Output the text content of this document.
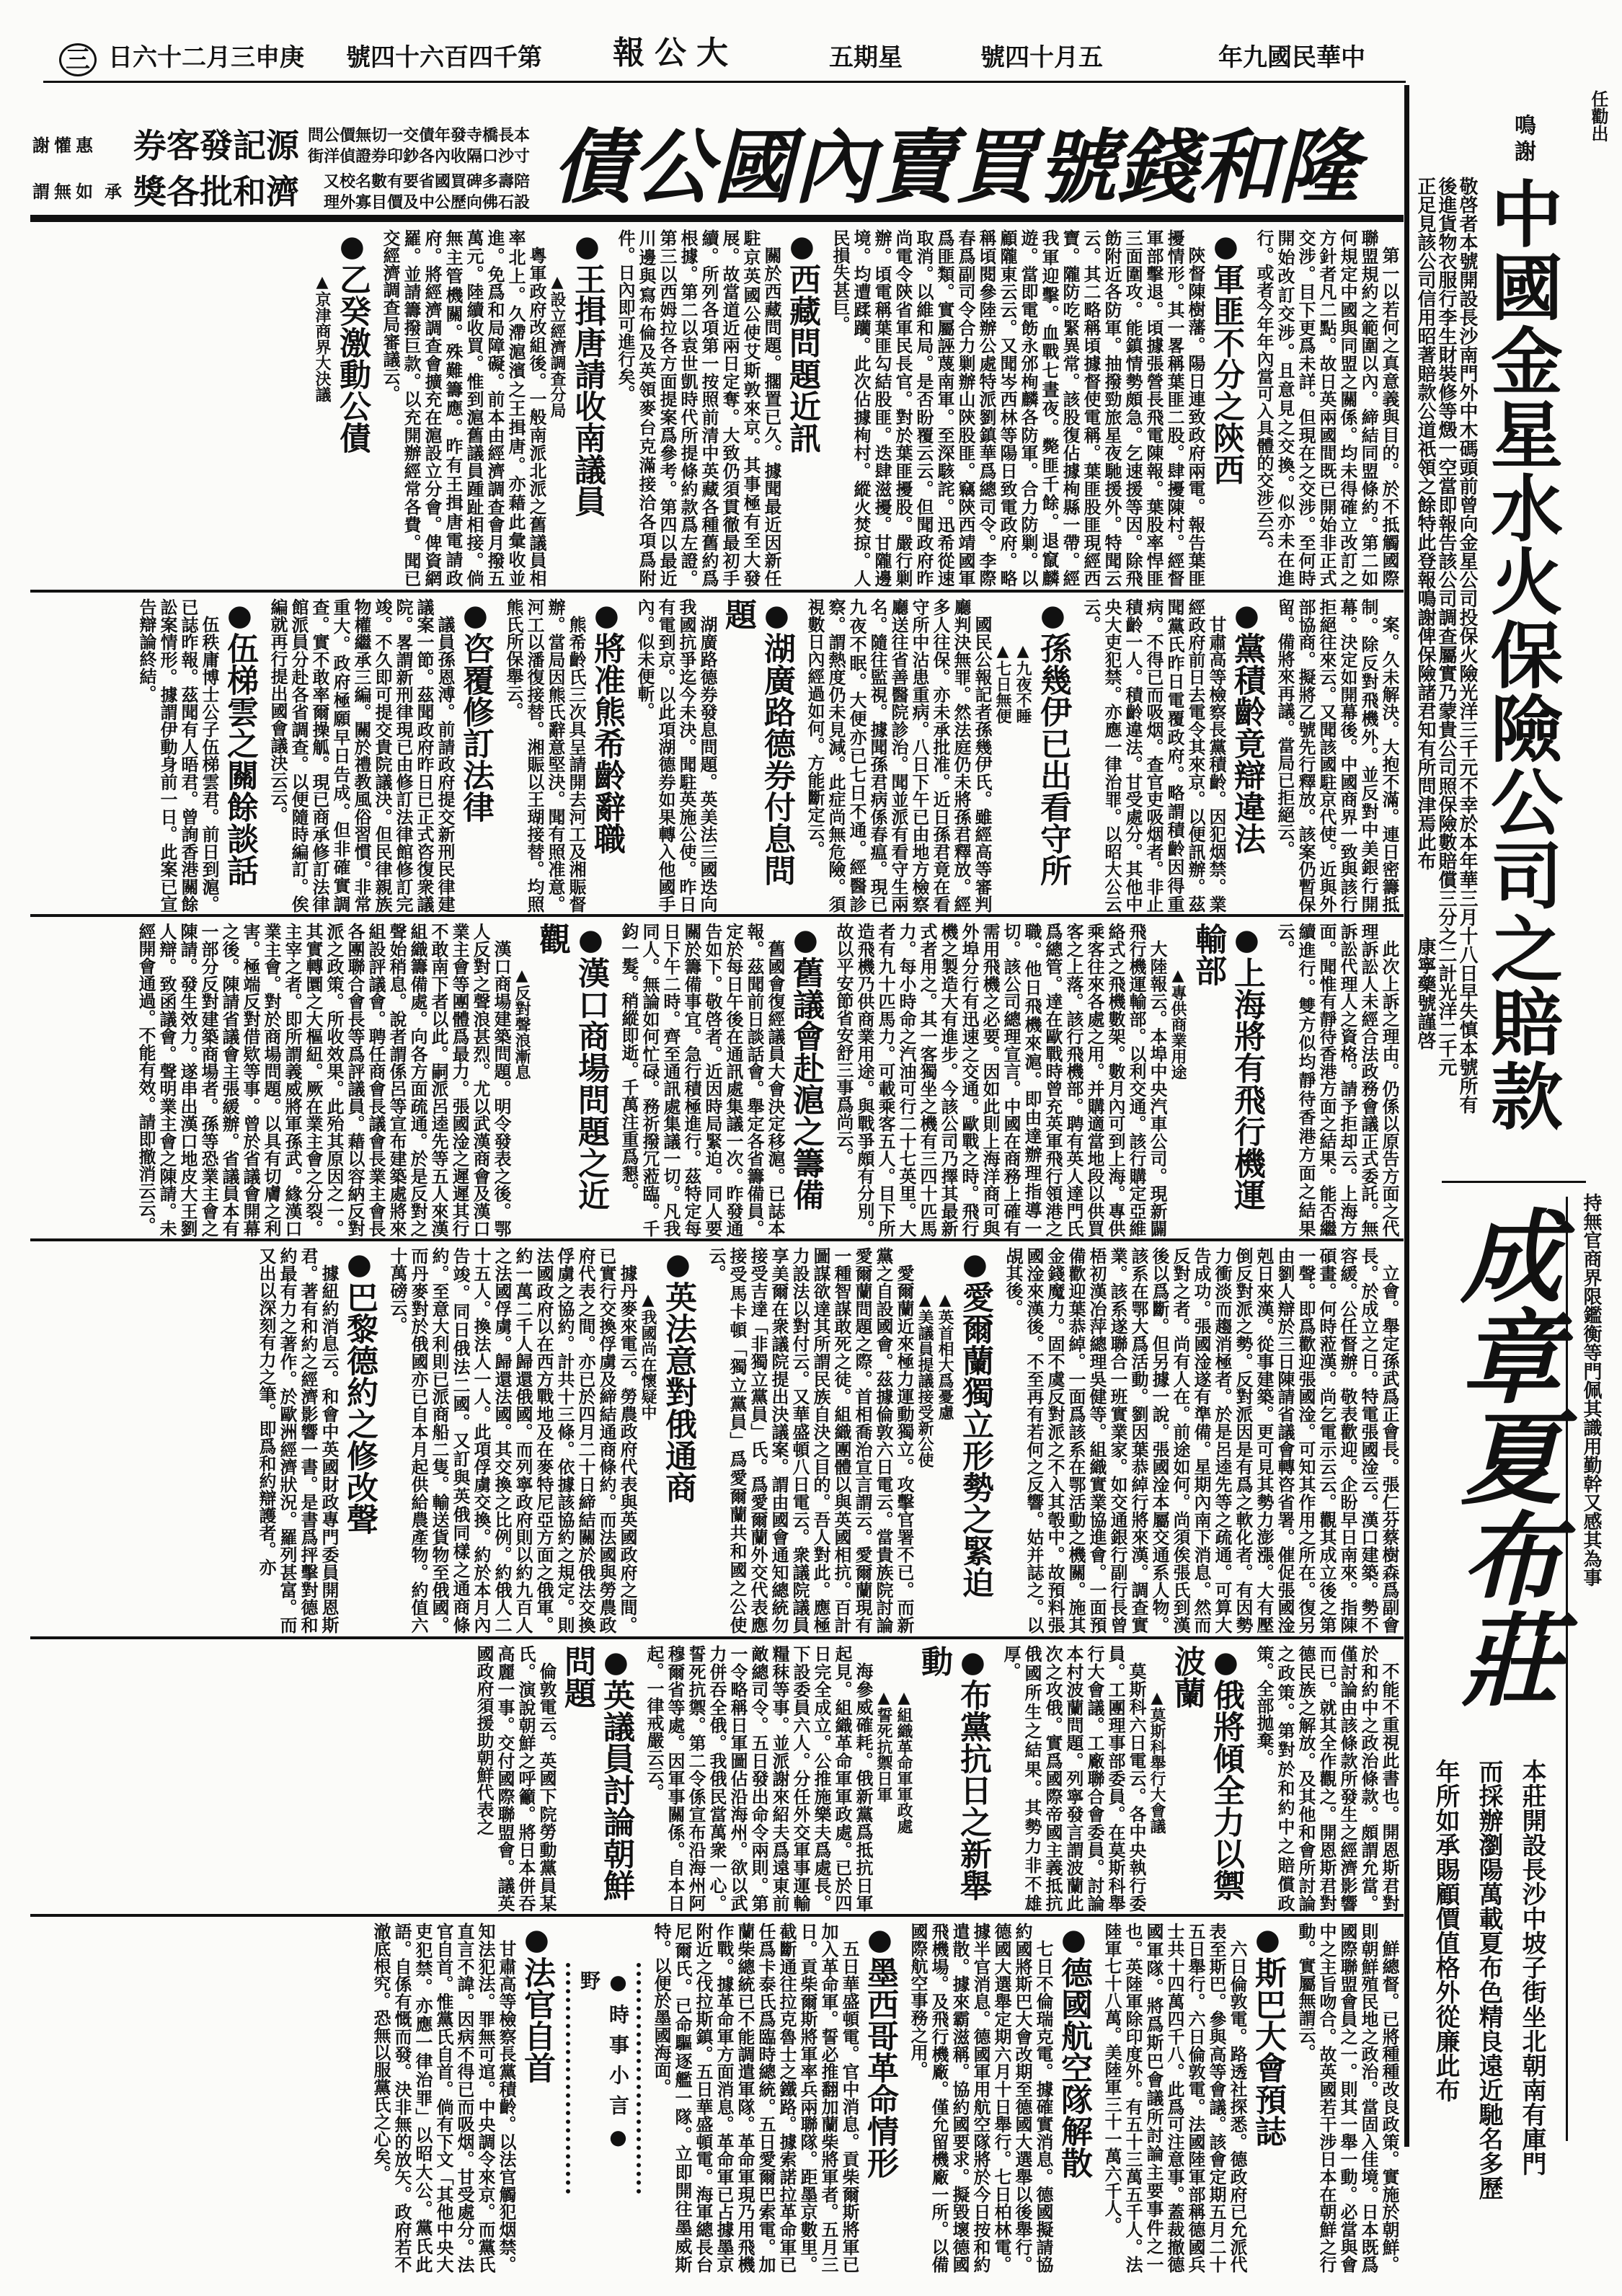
中華民國九年
五月十四號
星期五
大公報
第千四百六十四號
庚申三月二十六日
三
本長橋寺發年債交一切無價公問
寸沙口隔收內各鈔印券證偵洋街
源記發客券
惠懽謝
陪壽多碑買國省要有數名校又
設石佛向歷公中及價目寡外理
濟和批各獎
承
如無謂	隆和錢號買賣內國公債
任勸出
鳴謝
中國金星水火保險公司之賠款
敬啓者本號開設長沙南門外中木碼頭前曾向金星公司投保火險光洋三千元不幸於本年華三月十八日早失慎本號所有
後進貨物衣服行李生財裝修等燬一空當即報告該公司調查屬實乃蒙貴公司照保險數賠償三分之二計光洋二千元
正足見該公司信用昭著賠款公道祇領之餘特此登報鳴謝俾保險諸君知有所問津焉此布
康寧藥號謹啓
持無官商界限鑑衡等門佩其識用勤幹又感其為事
成章夏布莊
本莊開設長沙中坡子街坐北朝南有庫門
而採辦瀏陽萬載夏布色精良遠近馳名多歷
年所如承賜顧價值格外從廉此布
第一以若何之真意義與目的。於不抵觸國際聯盟規約之範圍以內。締結同盟條約。第二如何規定中國與同盟之關係。均未得確立改訂之方針者凡二點。故日英兩國間既已開始非正式交涉。目下更爲未詳。但現在之交涉。至何時開始改訂交涉。且意見之交換。似亦未在進行。或者今年年內當可入具體的交涉云云。
●軍匪不分之陝西
陝督陳樹藩。陽日連致政府兩電。報告葉匪擾情形。其一畧稱葉匪二股。肆擾陳村。經督軍部擊退。頃據張營長飛電陳報。葉股率悍匪三面圍攻。能鎮情勢頗急。乞速援等因。除飛飭附近各防軍。抽撥勁旅星夜馳援外。特聞云云。其二略稱頃據督使電稱。葉匪股匪現經西寶。隴防吃緊異常。該股復佔據栒縣一帶。經我軍迎擊。血戰七晝夜。斃匪千餘。退竄麟遊。當即電飭永邠栒麟各防軍。合力防剿。以顧隴東云云。又聞岑西林等陽日致電政府。略稱頃閱參陸辦公處特派劉鎮華爲總司令。李際春爲副司令合力剿辦山陝股匪。竊陝西靖國軍爲匪類。實屬誣蔑南軍。至深駭詫。迅希從速取消。以維和局。是否盼覆云云。但聞政府昨尚電令陝省軍民長官。對於葉匪擾股。嚴行剿辦。頃電稱葉匪勾結股匪。迭肆滋擾。甘隴邊境。均遭蹂躪。此次佔據栒村。縱火焚掠。人民損失甚巨。
●西藏問題近訊
關於西藏問題。擱置已久。據聞最近因新任駐京英國公使艾斯敦來京。其事極有至大發展。故當道近兩日定奪。大致仍須貫徹最初手續。所列各項第一按照前清中英藏各種舊約爲根據。第二以袁世凱時代所提條約款爲左證。第三以西姆拉各方面提案爲參考。第四以最近川邊與寫布倫及英領麥台克滿接洽各項爲附件。日內即可進行矣。
●王揖唐請收南議員
▲設立經濟調查分局
粵軍政府改組後。一般南派北派之舊議員相率北上。久滯滬濱之王揖唐。亦藉此彙收並進。免爲和局障礙。前本由經濟調查會月撥五萬元。陸續收買。惟到滬舊議員踵趾相接。倘無主管機關。殊難籌應。昨有王揖唐電請政府。將經濟調查會擴充在滬設立分會。俾資網羅。並請籌撥巨款。以充開辦經常各費。聞已交經濟調查局審議云。
●乙癸激動公債
▲京津商界大決議
案。久未解決。大抱不滿。連日密籌抵制。除反對飛機外。並反對中美銀行開幕。決定如開幕後。中國商界一致與該行拒絕往來云。又聞該國駐京代使。近與外部協商。擬將乙號先行釋放。該案仍暫保留。備將來再議。當局已拒絕云。
●黨積齡竟辯違法
甘肅高等檢察長黨積齡。因犯烟禁。業經政府前日去電令其來京。以便訊辦。茲聞黨氏昨日電覆政府。略謂積齡因得重病。不得已而吸烟。查官吏吸烟者。非止積齡一人。積齡違法。甘受處分。其他中央大吏犯禁。亦應一律治罪。以昭大公云云。
●孫幾伊已出看守所
▲九夜不睡
▲七日無便
國民公報記者孫幾伊氏。雖經高等審判廳判決無罪。然法庭仍未將孫君釋放。經多人往保。亦未承批准。近日孫君竟在看守所中沾患重病。八日下午已由地方檢察廳送往省善醫院診治。聞並派有看守生兩名。隨往監視。據聞孫君病係春瘟。現已九夜不眠。大便亦已七日不通。經醫診察。謂熱度仍未見減。此症尚無危險。須視數日內經過如何。方能斷定云。
●湖廣路德券付息問題
湖廣路德券發息問題。英美法三國迭向我國抗爭迄今未決。聞駐英施公使。昨日有電到京。以此項湖德券如果轉入他國手內。似未便斬。
●將准熊希齡辭職
熊希齡氏三次具呈請開去河工及湘賑督辦。當局因熊氏辭意堅決。聞有照准意。河工以潘復接替。湘賑以王瑚接替。均照熊氏所保舉云。
●咨覆修訂法律
議員孫恩溥。前請政府提交新刑民律建議案一節。茲聞政府昨日已正式咨復衆議院。畧謂新刑律現已由修訂法律館修訂完竣。不久即可提交貴院議決。但民律親族物權繼承三編。關於禮教風俗習慣。非常重大。政府極願早日告成。但非確實調查。實不敢率爾操觚。現已商承修訂法律館派員分赴各省調查。以便隨時編訂。俟編就再行提出國會議決云云。
●伍梯雲之關餘談話
伍秩庸博士公子伍梯雲君。前日到滬。已誌昨報。茲聞有人晤君。曾詢香港關餘訟案情形。據謂伊動身前一日。此案已宣告辯論終結。
此次上訴之理由。仍係以原告方面之代理訴訟人未經合法政務會議正式委託。無訴訟代理人之資格。請予拒却云。上海方面。聞惟有靜待香港方面之結果。能否繼續進行。雙方似均靜待香港方面之結果云。
●上海將有飛行機運輸部
▲專供商業用途
大陸報云。本埠中央汽車公司。現新闢飛行機運輸部。以利交通。該行購定亞維絡式之飛機數架。數月內可到上海。專供乘客往來各處之用。并購適當地段以供買客之上落。該行飛機部。聘有英人達門氏爲總管。達在歐戰時曾充英軍飛行領港之職。他日飛機來滬。即由達辦理指導一切。該公司總理宣言。中國在商務上確有需用飛機之必要。因如此則上海洋商可與外埠分行有迅速之交通。歐戰之時。飛行機之製造大有進步。今該公司乃擇其最新式者用之。其一客獨坐之機有三四十匹馬力。每小時命之汽油可行二十七英里。大者有九十匹馬力。可載乘客五人。目下所造飛機乃供商業用途。與戰爭頗有分別。故以平安節省安舒三事爲尚云。
●舊議會赴滬之籌備
舊國會復經議員大會決定移滬。已誌本報。茲聞前日談話會。舉定各省籌備員。定於每日午後在通訊處集議一次。昨發通告如下。敬啓者。近因時局緊迫。同人要關於籌備事宜。急行積極進行。茲特定每日下午二時。齊至通訊處集議一切。凡我同人。無論如何忙碌。務祈撥冗蒞臨。千鈞一髮。稍縱即逝。千萬注重爲懇。
●漢口商場問題之近觀
▲反對聲浪漸息
漢口商場建築問題。明令發表之後。鄂人反對之聲浪甚烈。尤以武漢商會及漢口業主會等團體爲最力。張國淦之遲遲其行不敢南下者以此。嗣派呂逵先等五人來漢組織籌備處。向各方面疏通。於是反對之聲始稍息。說者謂係呂等宣布建築處將來組設評議會。聘任商會長議會長業主會長各團聯合會長等爲評議員。藉以容納反對派之政策。所收效果。此殆其原因之一。其實轉圜之大樞紐。厥在業主會之分裂。主宰之者。即所謂義威將軍孫武。緣漢口業主會。對於商場問題。以具有切膚之利害。極端反對借欵等事。曾於省議會開幕之後。陳請省議會主張緩辦。省議員本有一部分反對建築商場者。孫等恐業主會之陳請。發生效力。遂串出漢口地皮大王劉人辯。致函議會。聲明業主會之陳請。未經開會通過。不能有效。請即撤消云云。
立會。舉定孫武爲正會長。張仁芬蔡樹森爲副會長。於成立之日。特電張國淦云。漢口建築。勢不容緩。公任督辦。敬表歡迎。企盼早日南來。指陳碩畫。何時蒞漢。尚乞電示云云。觀其成立後之第一聲。即爲歡迎張國淦。可知其作用之所在。復另由劉人辯於三日陳請省議會轉咨省署。催促張國淦剋日來漢。從事建築。更可見其勢力澎漲。大有壓倒反對派之勢。反對派因是有爲之軟化者。有因勢力衝淡而趨消極者。於是呂逵先等之疏通。可算大告成功。張國淦遂有準備。星期內南下消息。然而反對之者。尚有人在。前途如何。尚須俟張氏到漢後以爲斷。但另據一說。張國淦本屬交通系人物。該系在鄂大爲活動。劉因葉恭綽行將來漢。調查實業。該系遂聯合一班實業家。如交通銀行副行長曾梧初漢冶萍總理吳健等。組織實業協進會。一面預備歡迎葉恭綽。一面爲該系在鄂活動之機關。施其金錢魔力。固不虞反對派之不入其彀中。故預料張國淦來漢後。不至再有若何之反響。姑并誌之。以覘其後。
●愛爾蘭獨立形勢之緊迫
▲英首相大爲憂慮
▲美議員提議接受新公使
愛爾蘭近來極力運動獨立。攻擊官署不已。而新黨之自設國會。茲據倫敦六日電云。當貴族院討論愛爾蘭問題之際。首相喬治宣言謂云。愛爾蘭現有一種智謀敢死之徒。組織團體以與英國相抗。百計圖謀欲達其所謂民族自決之目的。吾人對此。應極力設法以對付云。又華盛頓八日電云。衆議院議員享美爾在衆議院提出決議案。謂由國會通知總統勿接受吉達「非獨立黨員」氏。爲愛爾蘭外交代表應接受馬卡頓「獨立黨員」爲愛爾蘭共和國之公使云。
●英法意對俄通商
▲我國尚在懷疑中
據丹麥來電云。勞農政府代表與英國政府之間。已實行交換俘虜及締結通商條約。而法國與勞農政府代表之間。亦已於四月二十日締結關於俄法交換俘虜之協約。計共十三條。依據該協約之規定。則法國政府以在西方戰地及在麥特尼亞方面之俄軍。約一萬二千人歸還俄國。而列寧政府則以約九百人之法國俘虜。歸還法國。其交換之比例。約俄人二十五人。換法人一人。此項俘虜交換。約於本月內告竣。同日俄法二國。又訂與英俄同樣之通商條約。至意大利則已派商船二隻。輸送貨物至俄國。而丹麥對於俄國亦已自本月起供給農產物。約值六十萬磅云。
●巴黎德約之修改聲
據紐約消息云。和會中英國財政專門委員開恩斯君。著有和約之經濟影響一書。是書爲抨擊對德和約最有力之著作。於歐洲經濟狀況。羅列甚富。而又出以深刻有力之筆。即爲和約辯護者。亦
不能不重視此書也。開恩斯君對於和約中之政治條款。頗謂允當。僅討論由該條款所發生之經濟影響而已。就其全作觀之。開恩斯君對德民族之解放。及其他和會所討論之政策。第對於和約中之賠償政策。全部拋棄。
●俄將傾全力以禦波蘭
▲莫斯科舉行大會議
莫斯科六日電云。各中央執行委員。工團理事部委員。在莫斯科舉行大會議。工廠聯合會委員。討論本村波蘭問題。列寧發言謂波蘭此次之攻俄。實爲國際帝國主義抵抗俄國所生之結果。其勢力非不雄厚。
●布黨抗日之新舉動
▲組織革命軍軍政處
▲誓死抗禦日軍
海參威確耗。俄新黨爲抵抗日軍起見。組織革命軍軍政處。已於四日完全成立。公推施樂夫爲處長。下設委員六人。分任外交軍事運輸糧秣等事。並派謝來紹夫爲遠東前敵總司令。五日發出命令兩則。第一令略稱日軍圖佔沿海州。欲以武力併吞全俄。我俄民當萬衆一心。誓死抗禦。第二令係宣布沿海州阿穆爾省等處。因軍事關係。自本日起。一律戒嚴云云。
●英議員討論朝鮮問題
倫敦電云。英國下院勞動黨員某氏。演說朝鮮之呼籲。將日本併吞高麗一事。交付國際聯盟會。議英國政府須援助朝鮮代表之
鮮總督。已將種種改良政策。實施於朝鮮。則朝鮮殖民地之政治。當固入佳境。日本既爲國際聯盟會員之一。則其一舉一動。必當與會中之主旨吻合。故英國若干涉日本在朝鮮之行動。實屬無謂云。
●斯巴大會預誌
六日倫敦電。路透社探悉。德政府已允派代表至斯巴。參與高等會議。該會定期五月二十五日舉行。六日倫敦電。法國陸軍部稱德國兵士共十四萬四千八。此爲可注意事。蓋裁撤德國軍隊。將爲斯巴會議所討論主要事件之一也。英陸軍除印度外。有五十三萬五千人。法陸軍七十八萬。美陸軍三十一萬六千人。
●德國航空隊解散
七日不倫瑞克電。據確實消息。德國擬請協約國將斯巴大會改期至德國大選舉以後舉行。德國大選舉定期六月十日舉行。七日柏林電。據半官消息。德國軍用航空隊將於今日按和約遣散。據來霸滋稱。協約國要求。擬毀壞德國飛機場。及飛行機廠。僅允留機廠一所。以備國際航空事務之用。
●墨西哥革命情形
五日華盛頓電。官中消息。貢柴爾斯將軍已加入革命軍。誓必推翻加蘭柴將軍者。五月三日。貢柴爾斯將軍率兵兩聯隊。距墨京數里。截斷通往拉克魯士之鐵路。據索諾拉革命軍已任爲卡泰氏爲臨時總統。五日愛爾巴索電。加蘭柴總統已不能調遣軍隊。革命軍現乃用飛機作戰。據革命軍方面消息。革命軍已占據墨京附近之伐拉斯鎮。五日華盛頓電。海軍總長台尼爾氏。已命驅逐艦一隊。立即開往墨威斯特。以便於墨國海面。
●時事小言●野
●法官自首
甘肅高等檢察長黨積齡。以法官觸犯烟禁。知法犯法。罪無可逭。中央調令來京。而黨氏直言不諱。因病不得已而吸烟。甘受處分。法官自首。惟黨氏自首。倘有下文「其他中央大吏犯禁。亦應一律治罪」以昭大公。黨氏此語。自係有慨而發。決非無的放矢。政府若不澈底根究。恐無以服黨氏之心矣。
